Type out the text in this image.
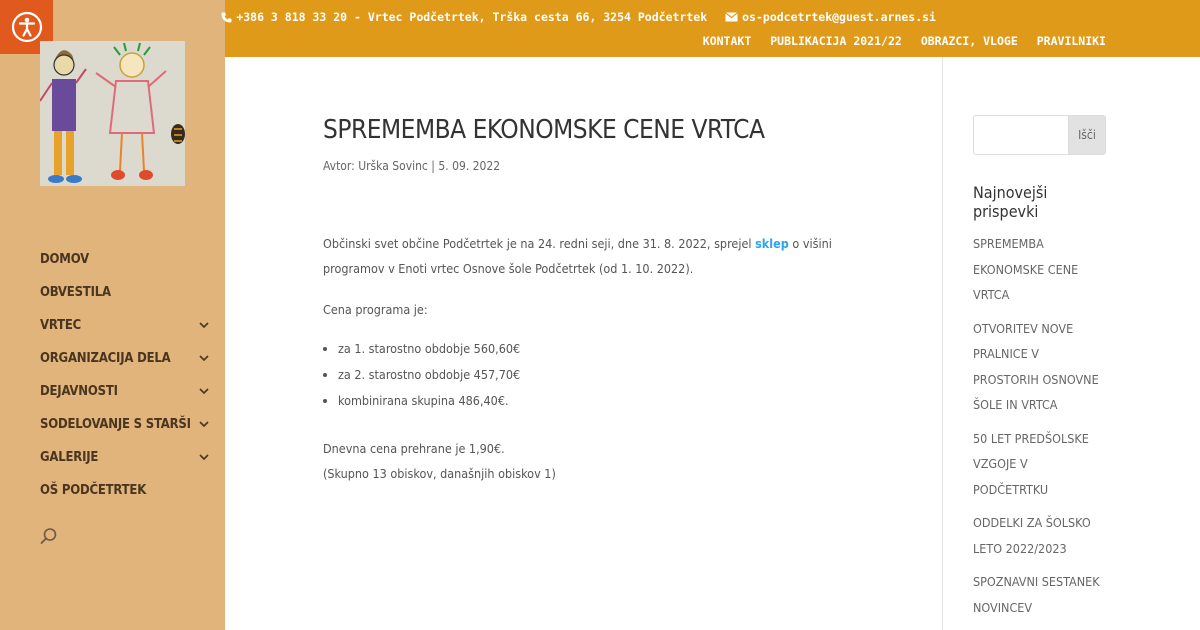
DOMOV
OBVESTILA
VRTEC
ORGANIZACIJA DELA
DEJAVNOSTI
SODELOVANJE S STARŠI
GALERIJE
OŠ PODČETRTEK
+386 3 818 33 20 - Vrtec Podčetrtek, Trška cesta 66, 3254 Podčetrtek	os-podcetrtek@guest.arnes.si
KONTAKT PUBLIKACIJA 2021/22 OBRAZCI, VLOGE PRAVILNIKI
SPREMEMBA EKONOMSKE CENE VRTCA
Avtor: Urška Sovinc | 5. 09. 2022

Občinski svet občine Podčetrtek je na 24. redni seji, dne 31. 8. 2022, sprejel sklep o višini programov v Enoti vrtec Osnove šole Podčetrtek (od 1. 10. 2022).

Cena programa je:

• za 1. starostno obdobje 560,60€
• za 2. starostno obdobje 457,70€
• kombinirana skupina 486,40€.

Dnevna cena prehrane je 1,90€.
(Skupno 13 obiskov, današnjih obiskov 1)

Išči
Najnovejši prispevki
SPREMEMBA EKONOMSKE CENE VRTCA
OTVORITEV NOVE PRALNICE V PROSTORIH OSNOVNE ŠOLE IN VRTCA
50 LET PREDŠOLSKE VZGOJE V PODČETRTKU
ODDELKI ZA ŠOLSKO LETO 2022/2023
SPOZNAVNI SESTANEK NOVINCEV
